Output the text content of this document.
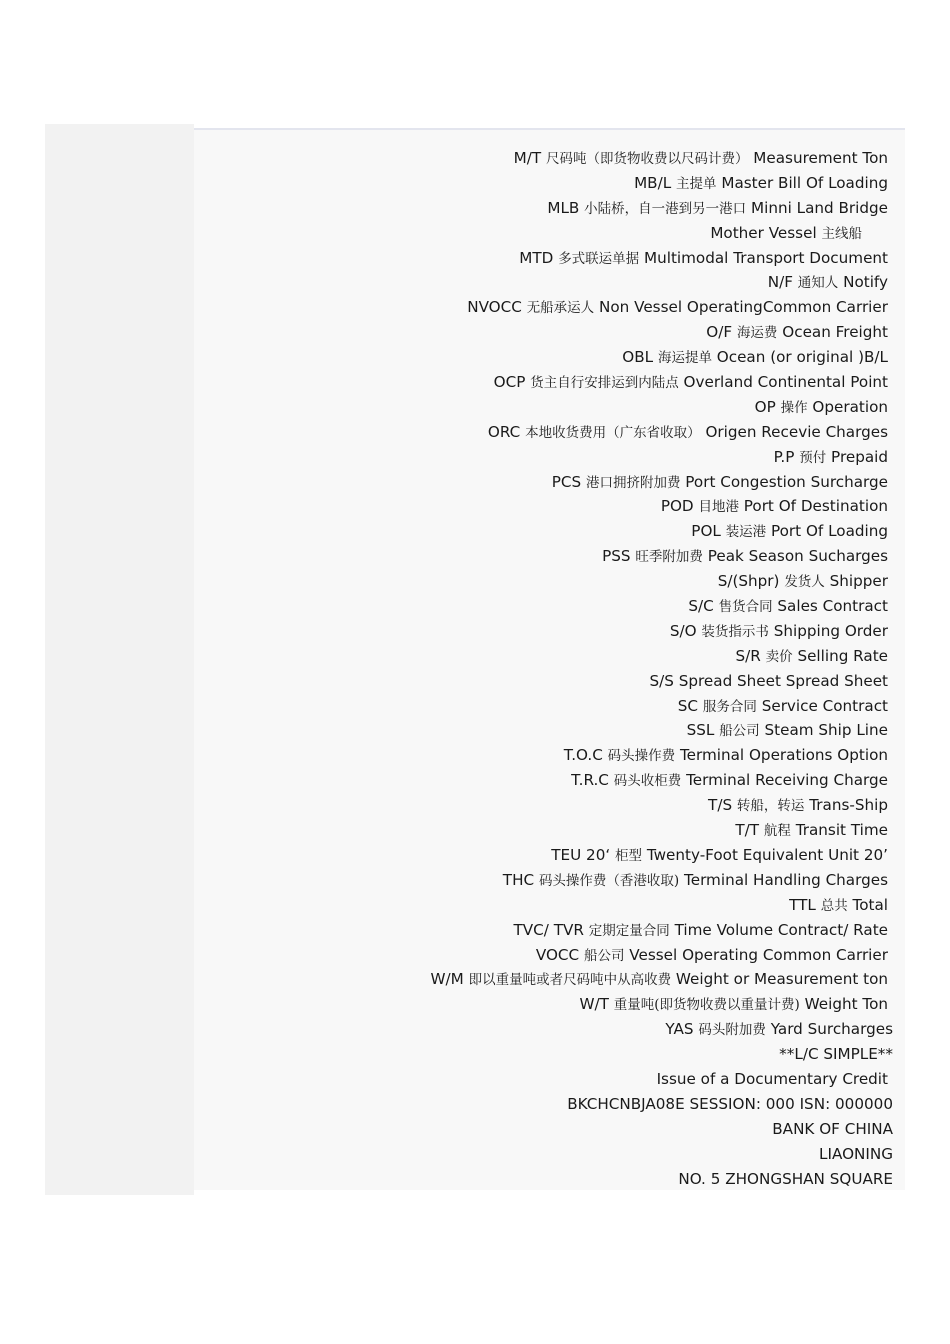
M/T 尺码吨（即货物收费以尺码计费） Measurement Ton
MB/L 主提单 Master Bill Of Loading
MLB 小陆桥，自一港到另一港口 Minni Land Bridge
Mother Vessel 主线船
MTD 多式联运单据 Multimodal Transport Document
N/F 通知人 Notify
NVOCC 无船承运人 Non Vessel OperatingCommon Carrier
O/F 海运费 Ocean Freight
OBL 海运提单 Ocean (or original )B/L
OCP 货主自行安排运到内陆点 Overland Continental Point
OP 操作 Operation
ORC 本地收货费用（广东省收取） Origen Recevie Charges
P.P 预付 Prepaid
PCS 港口拥挤附加费 Port Congestion Surcharge
POD 目地港 Port Of Destination
POL 装运港 Port Of Loading
PSS 旺季附加费 Peak Season Sucharges
S/(Shpr) 发货人 Shipper
S/C 售货合同 Sales Contract
S/O 装货指示书 Shipping Order
S/R 卖价 Selling Rate
S/S Spread Sheet Spread Sheet
SC 服务合同 Service Contract
SSL 船公司 Steam Ship Line
T.O.C 码头操作费 Terminal Operations Option
T.R.C 码头收柜费 Terminal Receiving Charge
T/S 转船，转运 Trans-Ship
T/T 航程 Transit Time
TEU 20‘ 柜型 Twenty-Foot Equivalent Unit 20’
THC 码头操作费（香港收取) Terminal Handling Charges
TTL 总共 Total
TVC/ TVR 定期定量合同 Time Volume Contract/ Rate
VOCC 船公司 Vessel Operating Common Carrier
W/M 即以重量吨或者尺码吨中从高收费 Weight or Measurement ton
W/T 重量吨(即货物收费以重量计费) Weight Ton
YAS 码头附加费 Yard Surcharges
**L/C SIMPLE**
Issue of a Documentary Credit
BKCHCNBJA08E SESSION: 000 ISN: 000000
BANK OF CHINA
LIAONING
NO. 5 ZHONGSHAN SQUARE
